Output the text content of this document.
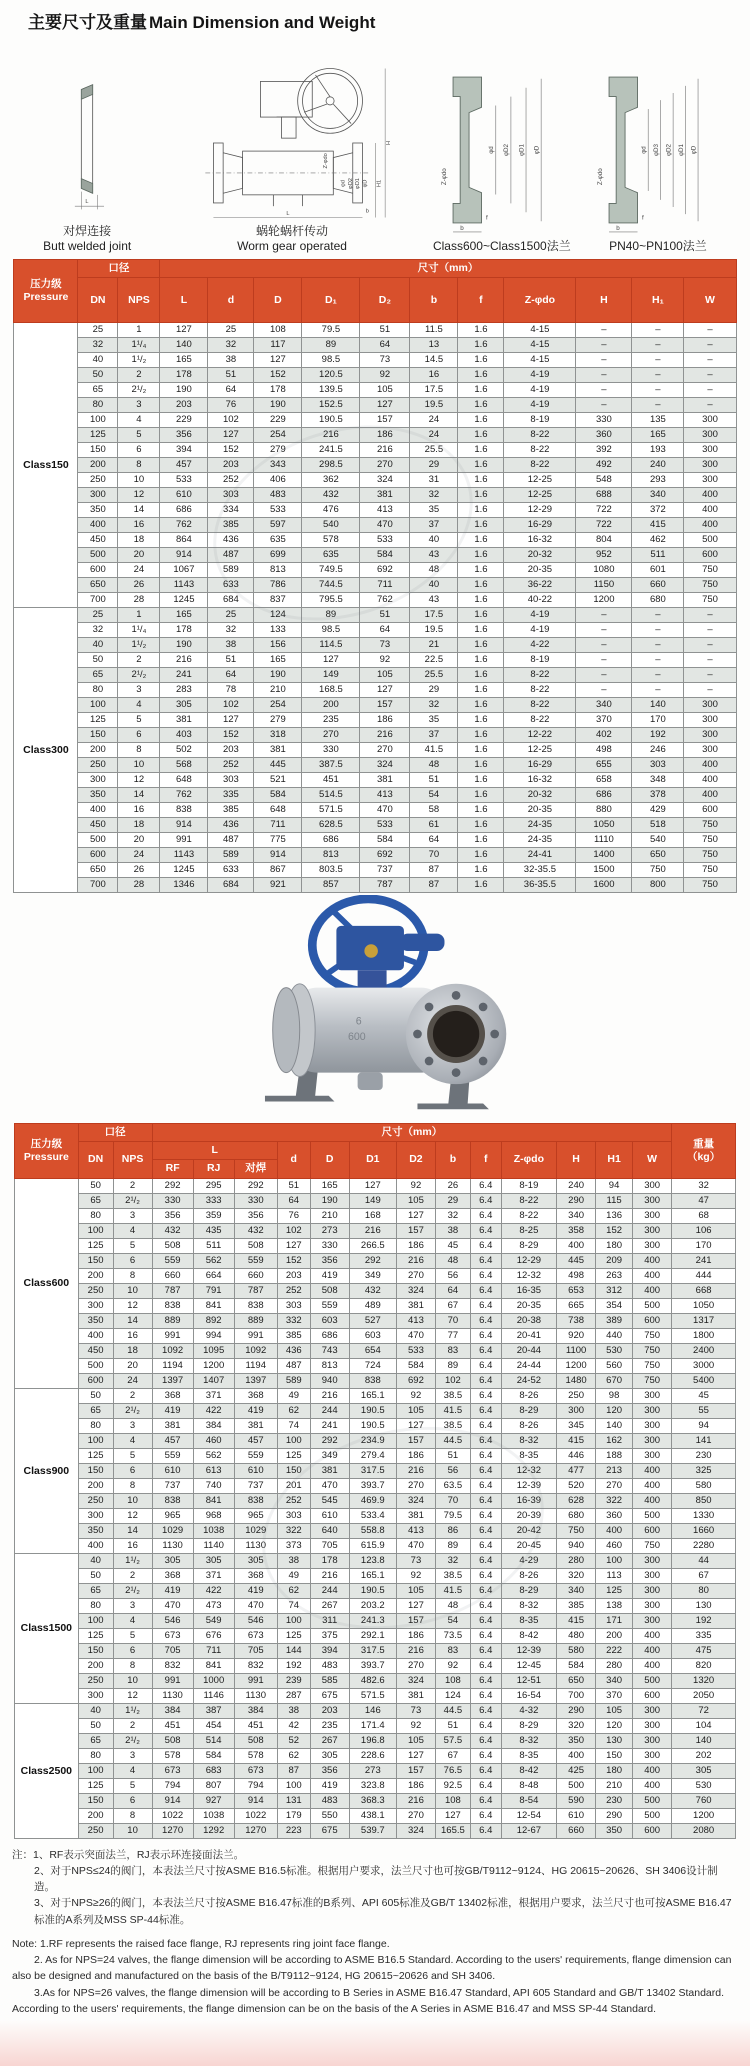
主要尺寸及重量 Main Dimension and Weight
L
对焊连接
Butt welded joint
H
H1
L
φd φD2 φD1 φD
Z-φdo
b
蜗轮蜗杆传动
Worm gear operated
φd φD2 φD1 φD
Z-φdo
b
f
Class600~Class1500法兰
φd φD3 φD2 φD1 φD
Z-φdo
b
f
PN40~PN100法兰
压力级
Pressure	口径		尺寸（mm）										
	DN	NPS	L	d	D	D₁	D₂	b	f	Z-φdo	H	H₁	W
Class150	25	1	127	25	108	79.5	51	11.5	1.6	4-15	–	–	–
	32	1¹/₄	140	32	117	89	64	13	1.6	4-15	–	–	–
	40	1¹/₂	165	38	127	98.5	73	14.5	1.6	4-15	–	–	–
	50	2	178	51	152	120.5	92	16	1.6	4-19	–	–	–
	65	2¹/₂	190	64	178	139.5	105	17.5	1.6	4-19	–	–	–
	80	3	203	76	190	152.5	127	19.5	1.6	4-19	–	–	–
	100	4	229	102	229	190.5	157	24	1.6	8-19	330	135	300
	125	5	356	127	254	216	186	24	1.6	8-22	360	165	300
	150	6	394	152	279	241.5	216	25.5	1.6	8-22	392	193	300
	200	8	457	203	343	298.5	270	29	1.6	8-22	492	240	300
	250	10	533	252	406	362	324	31	1.6	12-25	548	293	300
	300	12	610	303	483	432	381	32	1.6	12-25	688	340	400
	350	14	686	334	533	476	413	35	1.6	12-29	722	372	400
	400	16	762	385	597	540	470	37	1.6	16-29	722	415	400
	450	18	864	436	635	578	533	40	1.6	16-32	804	462	500
	500	20	914	487	699	635	584	43	1.6	20-32	952	511	600
	600	24	1067	589	813	749.5	692	48	1.6	20-35	1080	601	750
	650	26	1143	633	786	744.5	711	40	1.6	36-22	1150	660	750
	700	28	1245	684	837	795.5	762	43	1.6	40-22	1200	680	750
Class300	25	1	165	25	124	89	51	17.5	1.6	4-19	–	–	–
	32	1¹/₄	178	32	133	98.5	64	19.5	1.6	4-19	–	–	–
	40	1¹/₂	190	38	156	114.5	73	21	1.6	4-22	–	–	–
	50	2	216	51	165	127	92	22.5	1.6	8-19	–	–	–
	65	2¹/₂	241	64	190	149	105	25.5	1.6	8-22	–	–	–
	80	3	283	78	210	168.5	127	29	1.6	8-22	–	–	–
	100	4	305	102	254	200	157	32	1.6	8-22	340	140	300
	125	5	381	127	279	235	186	35	1.6	8-22	370	170	300
	150	6	403	152	318	270	216	37	1.6	12-22	402	192	300
	200	8	502	203	381	330	270	41.5	1.6	12-25	498	246	300
	250	10	568	252	445	387.5	324	48	1.6	16-29	655	303	400
	300	12	648	303	521	451	381	51	1.6	16-32	658	348	400
	350	14	762	335	584	514.5	413	54	1.6	20-32	686	378	400
	400	16	838	385	648	571.5	470	58	1.6	20-35	880	429	600
	450	18	914	436	711	628.5	533	61	1.6	24-35	1050	518	750
	500	20	991	487	775	686	584	64	1.6	24-35	1110	540	750
	600	24	1143	589	914	813	692	70	1.6	24-41	1400	650	750
	650	26	1245	633	867	803.5	737	87	1.6	32-35.5	1500	750	750
	700	28	1346	684	921	857	787	87	1.6	36-35.5	1600	800	750
6
600
压力级
Pressure
	口径	尺寸（mm）	
重量
（kg）

	DN	NPS	L			d	D	D1	D2	b	f	Z-φdo	H	H1	W	
			RF	RJ	对焊											
Class600	50	2	292	295	292	51	165	127	92	26	6.4	8-19	240	94	300	32
	65	2¹/₂	330	333	330	64	190	149	105	29	6.4	8-22	290	115	300	47
	80	3	356	359	356	76	210	168	127	32	6.4	8-22	340	136	300	68
	100	4	432	435	432	102	273	216	157	38	6.4	8-25	358	152	300	106
	125	5	508	511	508	127	330	266.5	186	45	6.4	8-29	400	180	300	170
	150	6	559	562	559	152	356	292	216	48	6.4	12-29	445	209	400	241
	200	8	660	664	660	203	419	349	270	56	6.4	12-32	498	263	400	444
	250	10	787	791	787	252	508	432	324	64	6.4	16-35	653	312	400	668
	300	12	838	841	838	303	559	489	381	67	6.4	20-35	665	354	500	1050
	350	14	889	892	889	332	603	527	413	70	6.4	20-38	738	389	600	1317
	400	16	991	994	991	385	686	603	470	77	6.4	20-41	920	440	750	1800
	450	18	1092	1095	1092	436	743	654	533	83	6.4	20-44	1100	530	750	2400
	500	20	1194	1200	1194	487	813	724	584	89	6.4	24-44	1200	560	750	3000
	600	24	1397	1407	1397	589	940	838	692	102	6.4	24-52	1480	670	750	5400
Class900	50	2	368	371	368	49	216	165.1	92	38.5	6.4	8-26	250	98	300	45
	65	2¹/₂	419	422	419	62	244	190.5	105	41.5	6.4	8-29	300	120	300	55
	80	3	381	384	381	74	241	190.5	127	38.5	6.4	8-26	345	140	300	94
	100	4	457	460	457	100	292	234.9	157	44.5	6.4	8-32	415	162	300	141
	125	5	559	562	559	125	349	279.4	186	51	6.4	8-35	446	188	300	230
	150	6	610	613	610	150	381	317.5	216	56	6.4	12-32	477	213	400	325
	200	8	737	740	737	201	470	393.7	270	63.5	6.4	12-39	520	270	400	580
	250	10	838	841	838	252	545	469.9	324	70	6.4	16-39	628	322	400	850
	300	12	965	968	965	303	610	533.4	381	79.5	6.4	20-39	680	360	500	1330
	350	14	1029	1038	1029	322	640	558.8	413	86	6.4	20-42	750	400	600	1660
	400	16	1130	1140	1130	373	705	615.9	470	89	6.4	20-45	940	460	750	2280
Class1500	40	1¹/₂	305	305	305	38	178	123.8	73	32	6.4	4-29	280	100	300	44
	50	2	368	371	368	49	216	165.1	92	38.5	6.4	8-26	320	113	300	67
	65	2¹/₂	419	422	419	62	244	190.5	105	41.5	6.4	8-29	340	125	300	80
	80	3	470	473	470	74	267	203.2	127	48	6.4	8-32	385	138	300	130
	100	4	546	549	546	100	311	241.3	157	54	6.4	8-35	415	171	300	192
	125	5	673	676	673	125	375	292.1	186	73.5	6.4	8-42	480	200	400	335
	150	6	705	711	705	144	394	317.5	216	83	6.4	12-39	580	222	400	475
	200	8	832	841	832	192	483	393.7	270	92	6.4	12-45	584	280	400	820
	250	10	991	1000	991	239	585	482.6	324	108	6.4	12-51	650	340	500	1320
	300	12	1130	1146	1130	287	675	571.5	381	124	6.4	16-54	700	370	600	2050
Class2500	40	1¹/₂	384	387	384	38	203	146	73	44.5	6.4	4-32	290	105	300	72
	50	2	451	454	451	42	235	171.4	92	51	6.4	8-29	320	120	300	104
	65	2¹/₂	508	514	508	52	267	196.8	105	57.5	6.4	8-32	350	130	300	140
	80	3	578	584	578	62	305	228.6	127	67	6.4	8-35	400	150	300	202
	100	4	673	683	673	87	356	273	157	76.5	6.4	8-42	425	180	400	305
	125	5	794	807	794	100	419	323.8	186	92.5	6.4	8-48	500	210	400	530
	150	6	914	927	914	131	483	368.3	216	108	6.4	8-54	590	230	500	760
	200	8	1022	1038	1022	179	550	438.1	270	127	6.4	12-54	610	290	500	1200
	250	10	1270	1292	1270	223	675	539.7	324	165.5	6.4	12-67	660	350	600	2080
注：1、RF表示突面法兰，RJ表示环连接面法兰。
2、对于NPS≤24的阀门，本表法兰尺寸按ASME B16.5标准。根据用户要求，法兰尺寸也可按GB/T9112~9124、HG 20615~20626、SH 3406设计制造。
3、对于NPS≥26的阀门，本表法兰尺寸按ASME B16.47标准的B系列、API 605标准及GB/T 13402标准，根据用户要求，法兰尺寸也可按ASME B16.47标准的A系列及MSS SP-44标准。
Note: 1.RF represents the raised face flange, RJ represents ring joint face flange.
2. As for NPS=24 valves, the flange dimension will be according to ASME B16.5 Standard. According to the users' requirements, flange dimension can also be designed and manufactured on the basis of the B/T9112~9124, HG 20615~20626 and SH 3406.
3.As for NPS=26 valves, the flange dimension will be according to B Series in ASME B16.47 Standard, API 605 Standard and GB/T 13402 Standard. According to the users' requirements, the flange dimension can be on the basis of the A Series in ASME B16.47 and MSS SP-44 Standard.
